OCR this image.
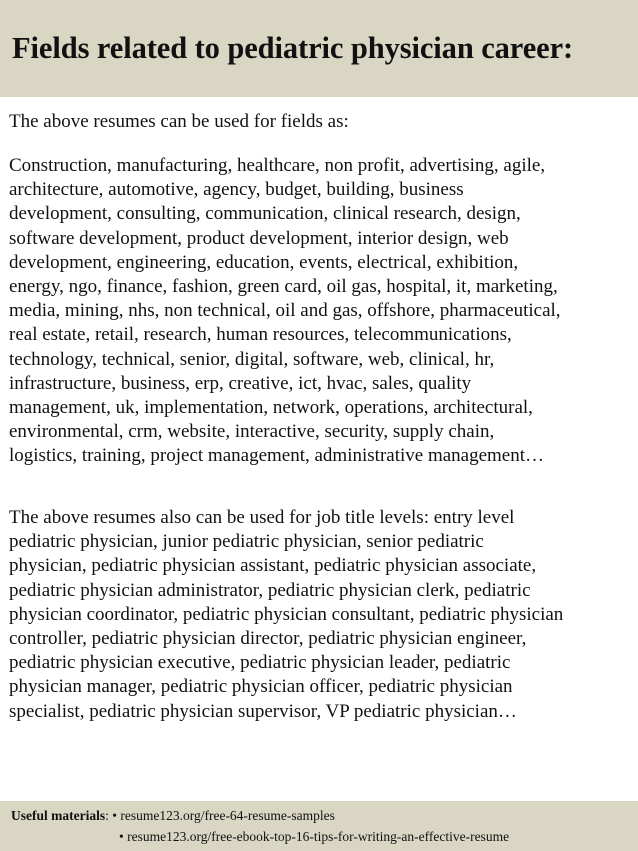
Fields related to pediatric physician career:

The above resumes can be used for fields as:

Construction, manufacturing, healthcare, non profit, advertising, agile,
architecture, automotive, agency, budget, building, business
development, consulting, communication, clinical research, design,
software development, product development, interior design, web
development, engineering, education, events, electrical, exhibition,
energy, ngo, finance, fashion, green card, oil gas, hospital, it, marketing,
media, mining, nhs, non technical, oil and gas, offshore, pharmaceutical,
real estate, retail, research, human resources, telecommunications,
technology, technical, senior, digital, software, web, clinical, hr,
infrastructure, business, erp, creative, ict, hvac, sales, quality
management, uk, implementation, network, operations, architectural,
environmental, crm, website, interactive, security, supply chain,
logistics, training, project management, administrative management…
The above resumes also can be used for job title levels: entry level
pediatric physician, junior pediatric physician, senior pediatric
physician, pediatric physician assistant, pediatric physician associate,
pediatric physician administrator, pediatric physician clerk, pediatric
physician coordinator, pediatric physician consultant, pediatric physician
controller, pediatric physician director, pediatric physician engineer,
pediatric physician executive, pediatric physician leader, pediatric
physician manager, pediatric physician officer, pediatric physician
specialist, pediatric physician supervisor, VP pediatric physician…
Useful materials: • resume123.org/free-64-resume-samples
• resume123.org/free-ebook-top-16-tips-for-writing-an-effective-resume
